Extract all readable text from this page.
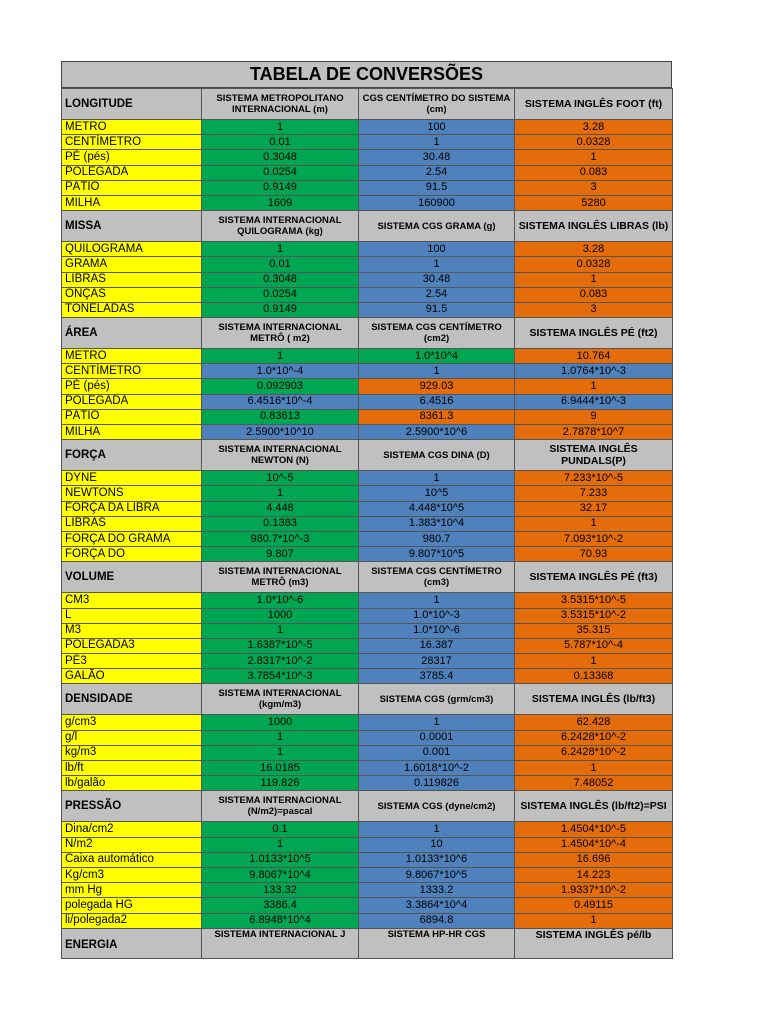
TABELA DE CONVERSÕES
LONGITUDE	SISTEMA METROPOLITANO INTERNACIONAL (m)	CGS CENTÍMETRO DO SISTEMA (cm)	SISTEMA INGLÊS FOOT (ft)
METRO	1	100	3.28
CENTÍMETRO	0.01	1	0.0328
PÉ (pés)	0.3048	30.48	1
POLEGADA	0.0254	2.54	0.083
PÁTIO	0.9149	91.5	3
MILHA	1609	160900	5280
MISSA	SISTEMA INTERNACIONAL QUILOGRAMA (kg)	SISTEMA CGS GRAMA (g)	SISTEMA INGLÊS LIBRAS (lb)
QUILOGRAMA	1	100	3.28
GRAMA	0.01	1	0.0328
LIBRAS	0.3048	30.48	1
ONÇAS	0.0254	2.54	0.083
TONELADAS	0.9149	91.5	3
ÁREA	SISTEMA INTERNACIONAL METRÔ ( m2)	SISTEMA CGS CENTÍMETRO (cm2)	SISTEMA INGLÊS PÉ (ft2)
METRO	1	1.0*10^4	10.764
CENTÍMETRO	1.0*10^-4	1	1.0764*10^-3
PÉ (pés)	0.092903	929.03	1
POLEGADA	6.4516*10^-4	6.4516	6.9444*10^-3
PÁTIO	0.83613	8361.3	9
MILHA	2.5900*10^10	2.5900*10^6	2.7878*10^7
FORÇA	SISTEMA INTERNACIONAL NEWTON (N)	SISTEMA CGS DINA (D)	SISTEMA INGLÊS PUNDALS(P)
DYNE	10^-5	1	7.233*10^-5
NEWTONS	1	10^5	7.233
FORÇA DA LIBRA	4.448	4.448*10^5	32.17
LIBRAS	0.1383	1.383*10^4	1
FORÇA DO GRAMA	980.7*10^-3	980.7	7.093*10^-2
FORÇA DO	9.807	9.807*10^5	70.93
VOLUME	SISTEMA INTERNACIONAL METRÔ (m3)	SISTEMA CGS CENTÍMETRO (cm3)	SISTEMA INGLÊS PÉ (ft3)
CM3	1.0*10^-6	1	3.5315*10^-5
L	1000	1.0*10^-3	3.5315*10^-2
M3	1	1.0*10^-6	35.315
POLEGADA3	1.6387*10^-5	16.387	5.787*10^-4
PÉ3	2.8317*10^-2	28317	1
GALÃO	3.7854*10^-3	3785.4	0.13368
DENSIDADE	SISTEMA INTERNACIONAL (kgm/m3)	SISTEMA CGS (grm/cm3)	SISTEMA INGLÊS (lb/ft3)
g/cm3	1000	1	62.428
g/l	1	0.0001	6.2428*10^-2
kg/m3	1	0.001	6.2428*10^-2
lb/ft	16.0185	1.6018*10^-2	1
lb/galão	119.826	0.119826	7.48052
PRESSÃO	SISTEMA INTERNACIONAL (N/m2)=pascal	SISTEMA CGS (dyne/cm2)	SISTEMA INGLÊS (lb/ft2)=PSI
Dina/cm2	0.1	1	1.4504*10^-5
N/m2	1	10	1.4504*10^-4
Caixa automático	1.0133*10^5	1.0133*10^6	16.696
Kg/cm3	9.8067*10^4	9.8067*10^5	14.223
mm Hg	133.32	1333.2	1.9337*10^-2
polegada HG	3386.4	3.3864*10^4	0.49115
li/polegada2	6.8948*10^4	6894.8	1
ENERGIA	SISTEMA INTERNACIONAL J	SISTEMA HP-HR CGS	SISTEMA INGLÊS pé/lb
